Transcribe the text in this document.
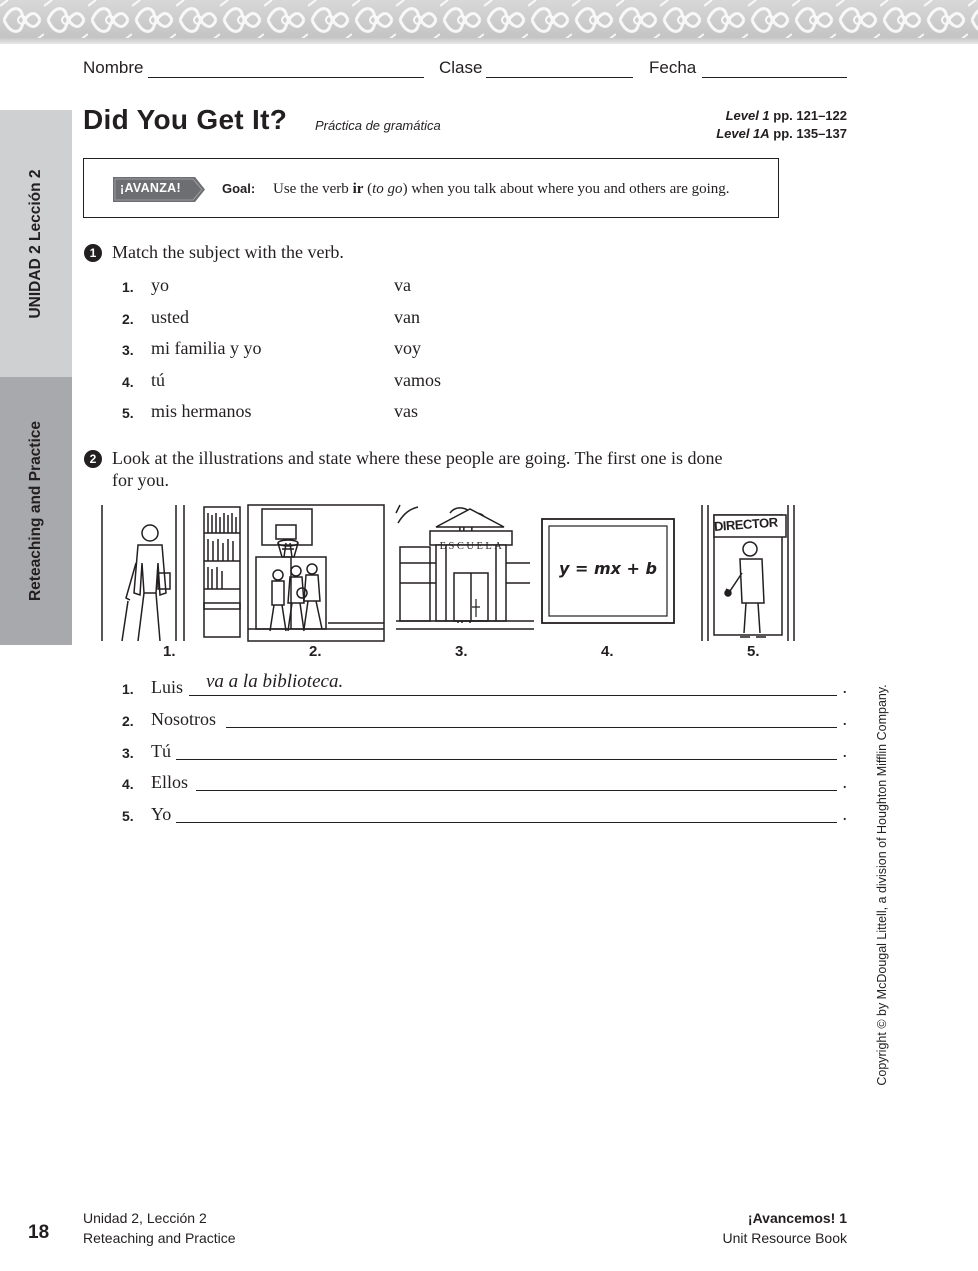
Nombre	Clase	Fecha
UNIDAD 2 Lección 2
Reteaching and Practice
Did You Get It? Práctica de gramática
Level 1 pp. 121–122
Level 1A pp. 135–137
¡AVANZA!	Goal: Use the verb ir (to go) when you talk about where you and others are going.
1 Match the subject with the verb.
1. yo	va
2. usted	van
3. mi familia y yo	voy
4. tú	vamos
5. mis hermanos	vas
2 Look at the illustrations and state where these people are going. The first one is done
for you.
ESCUELA
y = mx + b
DIRECTOR
1.	2.	3.	4.	5.
1. Luis va a la biblioteca.	.
2. Nosotros	.
3. Tú	.
4. Ellos	.
5. Yo	. Copyright © by McDougal Littell, a division of Houghton Mifflin Company.
18
Unidad 2, Lección 2
Reteaching and Practice
¡Avancemos! 1
Unit Resource Book
